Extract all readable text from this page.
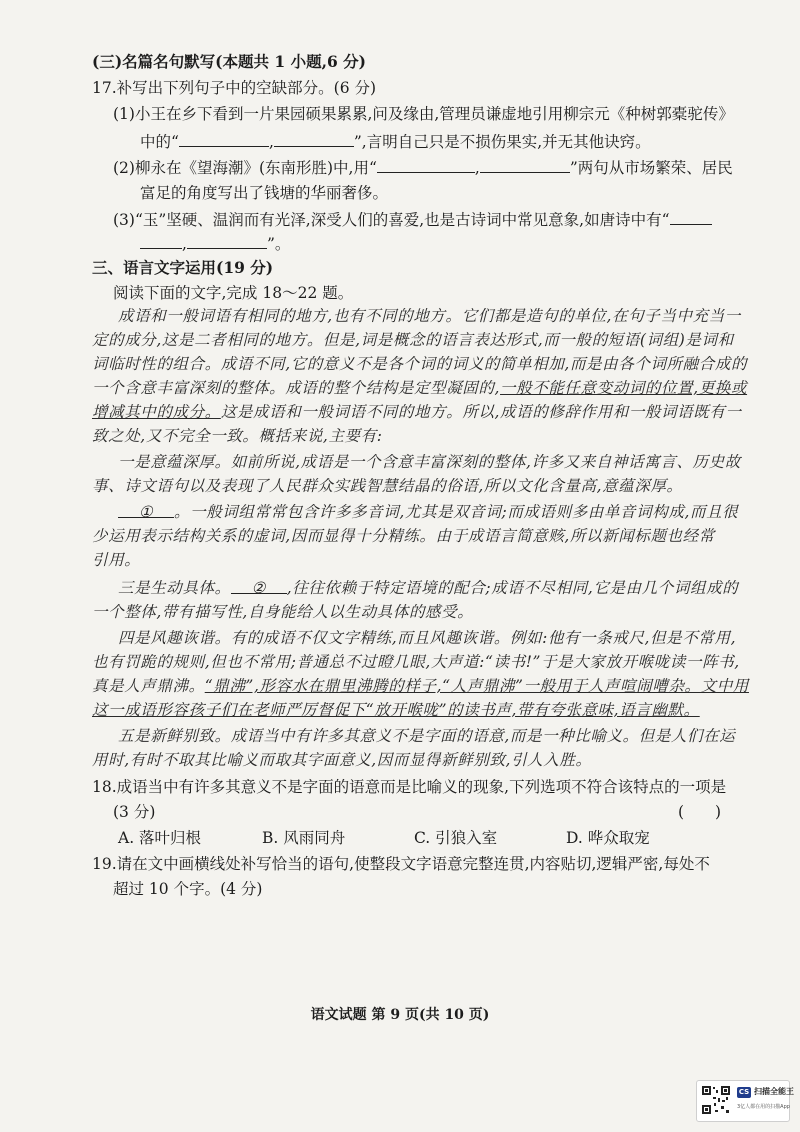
(三)名篇名句默写(本题共 1 小题,6 分)
17.补写出下列句子中的空缺部分。(6 分)
(1)小王在乡下看到一片果园硕果累累,问及缘由,管理员谦虚地引用柳宗元《种树郭橐驼传》
中的“	,	”,言明自己只是不损伤果实,并无其他诀窍。
(2)柳永在《望海潮》(东南形胜)中,用“	,	”两句从市场繁荣、居民
富足的角度写出了钱塘的华丽奢侈。
(3)“玉”坚硬、温润而有光泽,深受人们的喜爱,也是古诗词中常见意象,如唐诗中有“
,	”。
三、语言文字运用(19 分)
阅读下面的文字,完成 18～22 题。
成语和一般词语有相同的地方,也有不同的地方。它们都是造句的单位,在句子当中充当一
定的成分,这是二者相同的地方。但是,词是概念的语言表达形式,而一般的短语(词组)是词和
词临时性的组合。成语不同,它的意义不是各个词的词义的简单相加,而是由各个词所融合成的
一个含意丰富深刻的整体。成语的整个结构是定型凝固的,一般不能任意变动词的位置,更换或
增减其中的成分。这是成语和一般词语不同的地方。所以,成语的修辞作用和一般词语既有一
致之处,又不完全一致。概括来说,主要有:
一是意蕴深厚。如前所说,成语是一个含意丰富深刻的整体,许多又来自神话寓言、历史故
事、诗文语句以及表现了人民群众实践智慧结晶的俗语,所以文化含量高,意蕴深厚。
① 。一般词组常常包含许多多音词,尤其是双音词;而成语则多由单音词构成,而且很
少运用表示结构关系的虚词,因而显得十分精练。由于成语言简意赅,所以新闻标题也经常
引用。
三是生动具体。 ② ,往往依赖于特定语境的配合;成语不尽相同,它是由几个词组成的
一个整体,带有描写性,自身能给人以生动具体的感受。
四是风趣诙谐。有的成语不仅文字精练,而且风趣诙谐。例如:他有一条戒尺,但是不常用,
也有罚跪的规则,但也不常用;普通总不过瞪几眼,大声道:“读书!”于是大家放开喉咙读一阵书,
真是人声鼎沸。“鼎沸”,形容水在鼎里沸腾的样子,“人声鼎沸”一般用于人声喧闹嘈杂。文中用
这一成语形容孩子们在老师严厉督促下“放开喉咙”的读书声,带有夸张意味,语言幽默。
五是新鲜别致。成语当中有许多其意义不是字面的语意,而是一种比喻义。但是人们在运
用时,有时不取其比喻义而取其字面意义,因而显得新鲜别致,引人入胜。
18.成语当中有许多其意义不是字面的语意而是比喻义的现象,下列选项不符合该特点的一项是
(3 分)	(　　)
A. 落叶归根	B. 风雨同舟	C. 引狼入室	D. 哗众取宠
19.请在文中画横线处补写恰当的语句,使整段文字语意完整连贯,内容贴切,逻辑严密,每处不
超过 10 个字。(4 分)
语文试题 第 9 页(共 10 页)
CS 扫描全能王
3亿人都在用的扫描App
